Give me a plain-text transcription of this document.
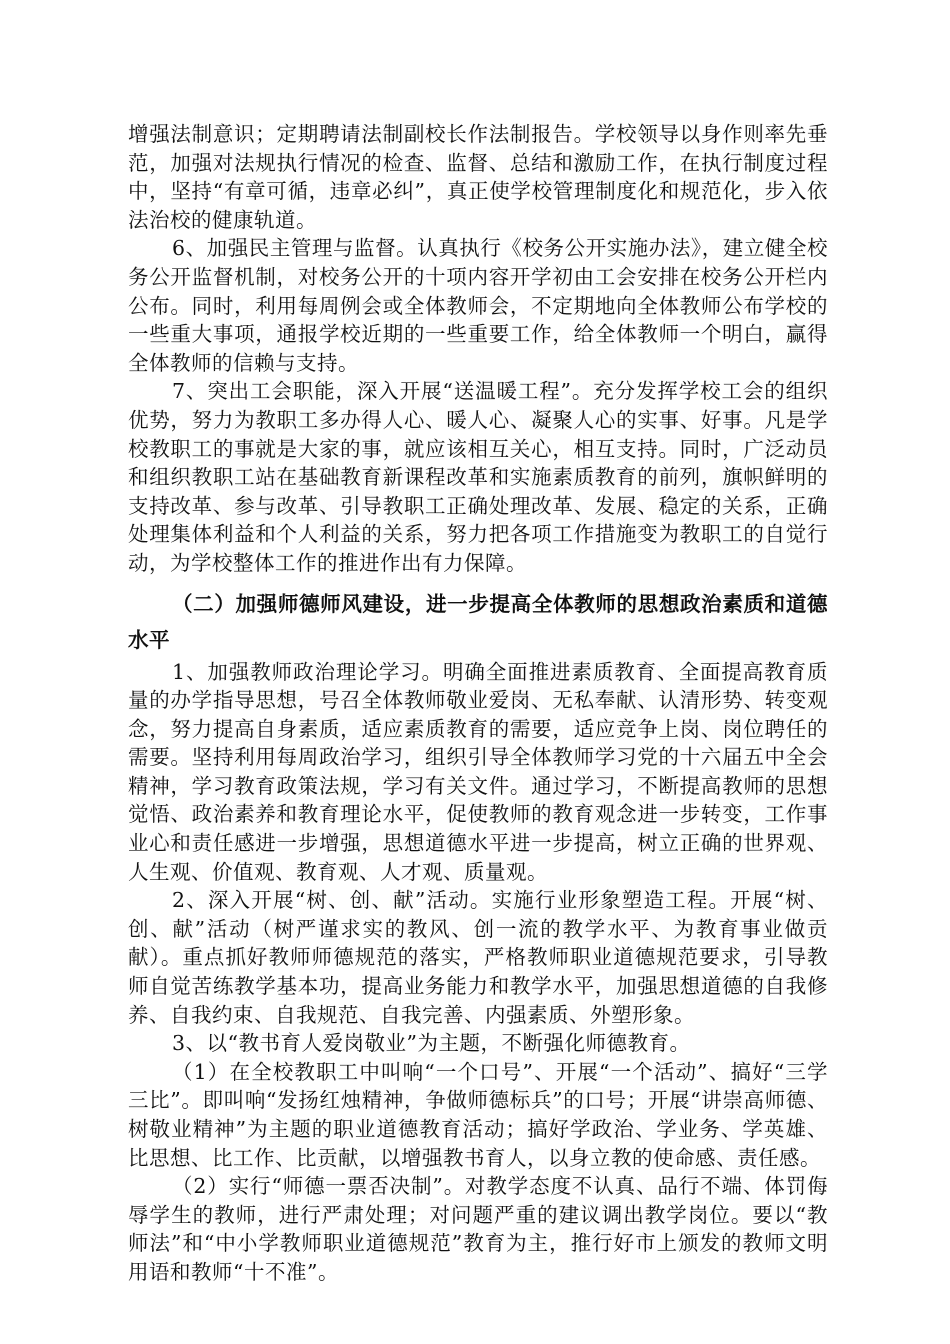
增强法制意识；定期聘请法制副校长作法制报告。学校领导以身作则率先垂范，加强对法规执行情况的检查、监督、总结和激励工作，在执行制度过程中，坚持“有章可循，违章必纠”，真正使学校管理制度化和规范化，步入依法治校的健康轨道。

6、加强民主管理与监督。认真执行《校务公开实施办法》，建立健全校务公开监督机制，对校务公开的十项内容开学初由工会安排在校务公开栏内公布。同时，利用每周例会或全体教师会，不定期地向全体教师公布学校的一些重大事项，通报学校近期的一些重要工作，给全体教师一个明白，赢得全体教师的信赖与支持。

7、突出工会职能，深入开展“送温暖工程”。充分发挥学校工会的组织优势，努力为教职工多办得人心、暖人心、凝聚人心的实事、好事。凡是学校教职工的事就是大家的事，就应该相互关心，相互支持。同时，广泛动员和组织教职工站在基础教育新课程改革和实施素质教育的前列，旗帜鲜明的支持改革、参与改革、引导教职工正确处理改革、发展、稳定的关系，正确处理集体利益和个人利益的关系，努力把各项工作措施变为教职工的自觉行动，为学校整体工作的推进作出有力保障。

（二）加强师德师风建设，进一步提高全体教师的思想政治素质和道德水平

1、加强教师政治理论学习。明确全面推进素质教育、全面提高教育质量的办学指导思想，号召全体教师敬业爱岗、无私奉献、认清形势、转变观念，努力提高自身素质，适应素质教育的需要，适应竞争上岗、岗位聘任的需要。坚持利用每周政治学习，组织引导全体教师学习党的十六届五中全会精神，学习教育政策法规，学习有关文件。通过学习，不断提高教师的思想觉悟、政治素养和教育理论水平，促使教师的教育观念进一步转变，工作事业心和责任感进一步增强，思想道德水平进一步提高，树立正确的世界观、人生观、价值观、教育观、人才观、质量观。

2、深入开展“树、创、献”活动。实施行业形象塑造工程。开展“树、创、献”活动（树严谨求实的教风、创一流的教学水平、为教育事业做贡献）。重点抓好教师师德规范的落实，严格教师职业道德规范要求，引导教师自觉苦练教学基本功，提高业务能力和教学水平，加强思想道德的自我修养、自我约束、自我规范、自我完善、内强素质、外塑形象。

3、以“教书育人爱岗敬业”为主题，不断强化师德教育。

（1）在全校教职工中叫响“一个口号”、开展“一个活动”、搞好“三学三比”。即叫响“发扬红烛精神，争做师德标兵”的口号；开展“讲崇高师德、树敬业精神”为主题的职业道德教育活动；搞好学政治、学业务、学英雄、比思想、比工作、比贡献，以增强教书育人，以身立教的使命感、责任感。

（2）实行“师德一票否决制”。对教学态度不认真、品行不端、体罚侮辱学生的教师，进行严肃处理；对问题严重的建议调出教学岗位。要以“教师法”和“中小学教师职业道德规范”教育为主，推行好市上颁发的教师文明用语和教师“十不准”。
